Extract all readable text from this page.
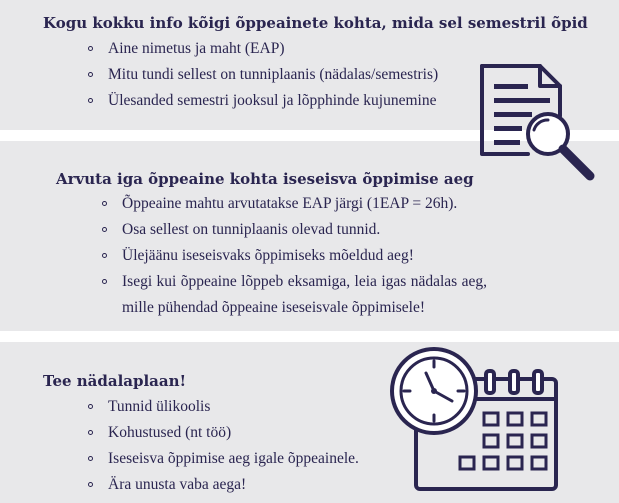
Kogu kokku info kõigi õppeainete kohta, mida sel semestril õpid
Aine nimetus ja maht (EAP)
Mitu tundi sellest on tunniplaanis (nädalas/semestris)
Ülesanded semestri jooksul ja lõpphinde kujunemine
Arvuta iga õppeaine kohta iseseisva õppimise aeg
Õppeaine mahtu arvutatakse EAP järgi (1EAP = 26h).
Osa sellest on tunniplaanis olevad tunnid.
Ülejäänu iseseisvaks õppimiseks mõeldud aeg!
Isegi kui õppeaine lõppeb eksamiga, leia igas nädalas aeg, mille pühendad õppeaine iseseisvale õppimisele!
Tee nädalaplaan!
Tunnid ülikoolis
Kohustused (nt töö)
Iseseisva õppimise aeg igale õppeainele.
Ära unusta vaba aega!
